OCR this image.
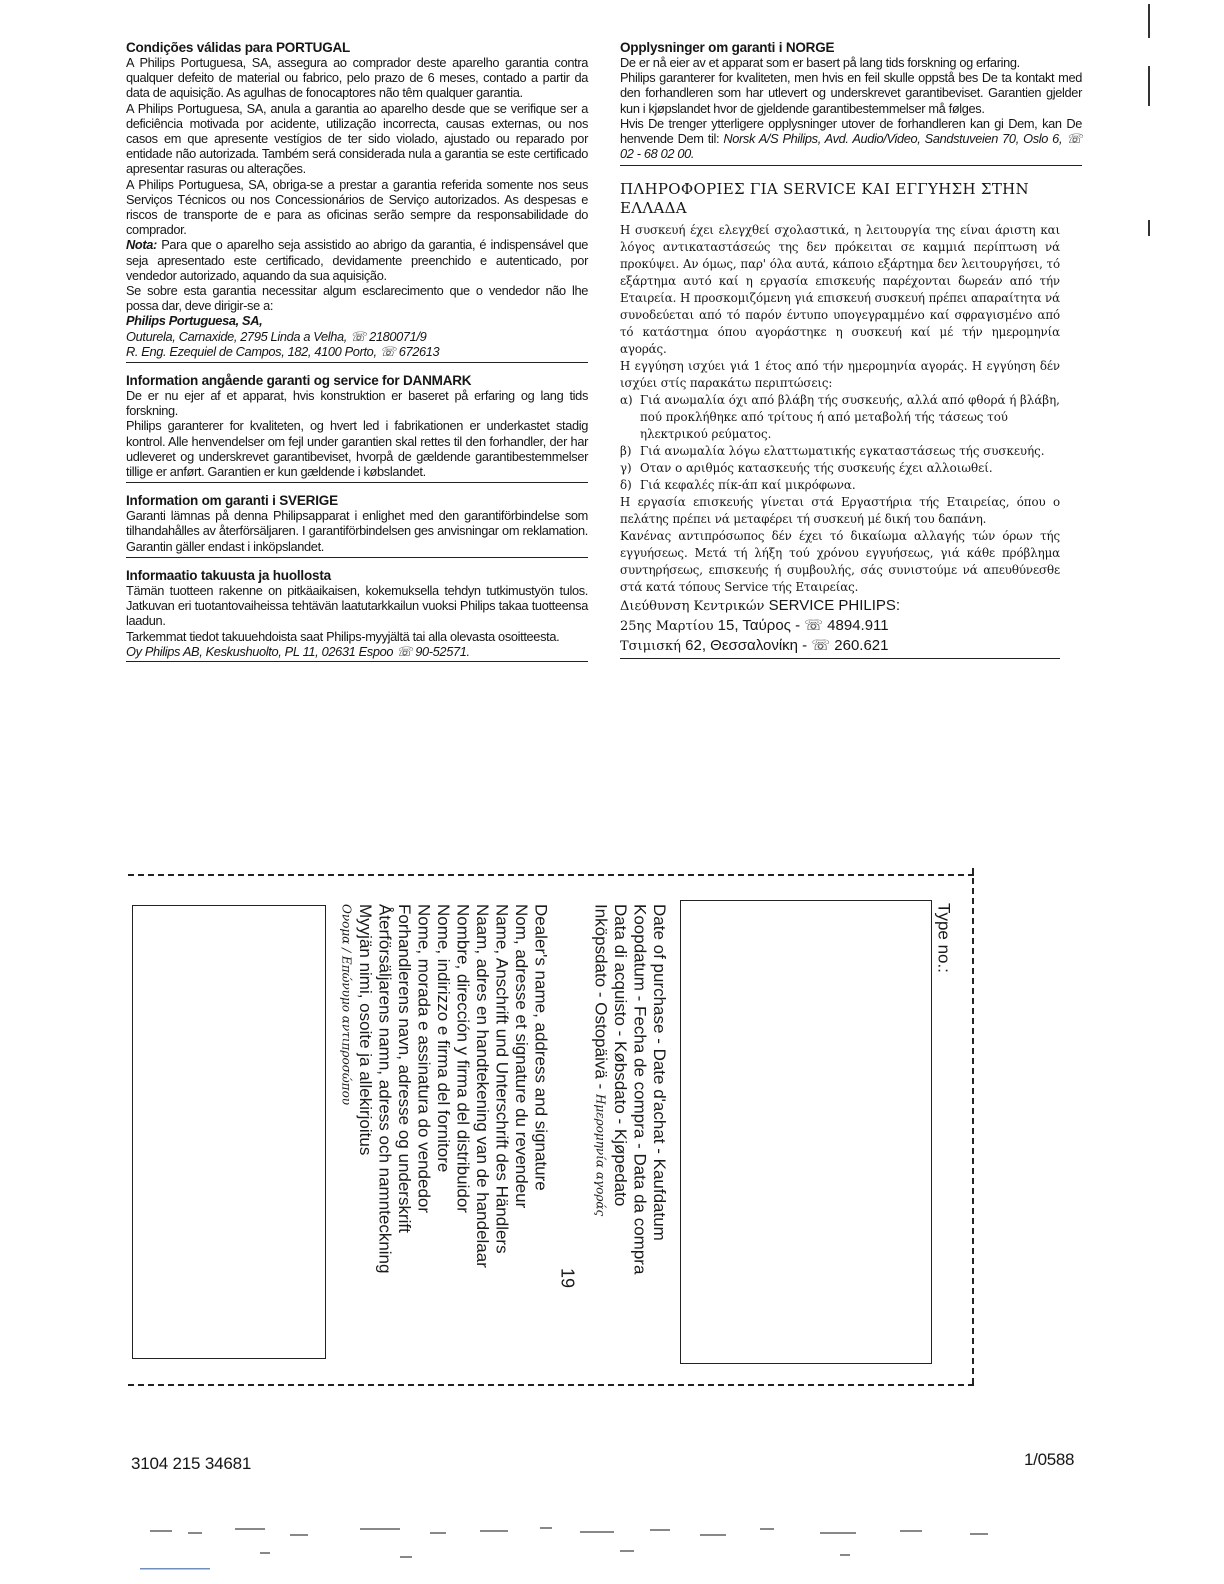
Condições válidas para PORTUGAL

A Philips Portuguesa, SA, assegura ao comprador deste aparelho garantia contra qualquer defeito de material ou fabrico, pelo prazo de 6 meses, contado a partir da data de aquisição. As agulhas de fonocaptores não têm qualquer garantia.

A Philips Portuguesa, SA, anula a garantia ao aparelho desde que se verifique ser a deficiência motivada por acidente, utilização incorrecta, causas externas, ou nos casos em que apresente vestígios de ter sido violado, ajustado ou reparado por entidade não autorizada. Também será considerada nula a garantia se este certificado apresentar rasuras ou alterações.

A Philips Portuguesa, SA, obriga-se a prestar a garantia referida somente nos seus Serviços Técnicos ou nos Concessionários de Serviço autorizados. As despesas e riscos de transporte de e para as oficinas serão sempre da responsabilidade do comprador.

Nota: Para que o aparelho seja assistido ao abrigo da garantia, é indispensável que seja apresentado este certificado, devidamente preenchido e autenticado, por vendedor autorizado, aquando da sua aquisição.

Se sobre esta garantia necessitar algum esclarecimento que o vendedor não lhe possa dar, deve dirigir-se a:

Philips Portuguesa, SA,

Outurela, Carnaxide, 2795 Linda a Velha, ☏ 2180071/9

R. Eng. Ezequiel de Campos, 182, 4100 Porto, ☏ 672613

Information angående garanti og service for DANMARK

De er nu ejer af et apparat, hvis konstruktion er baseret på erfaring og lang tids forskning.

Philips garanterer for kvaliteten, og hvert led i fabrikationen er underkastet stadig kontrol. Alle henvendelser om fejl under garantien skal rettes til den forhandler, der har udleveret og underskrevet garantibeviset, hvorpå de gældende garantibestemmelser tillige er anført. Garantien er kun gældende i købslandet.

Information om garanti i SVERIGE

Garanti lämnas på denna Philipsapparat i enlighet med den garantiförbindelse som tilhandahålles av återförsäljaren. I garantiförbindelsen ges anvisningar om reklamation. Garantin gäller endast i inköpslandet.

Informaatio takuusta ja huollosta

Tämän tuotteen rakenne on pitkäaikaisen, kokemuksella tehdyn tutkimustyön tulos. Jatkuvan eri tuotantovaiheissa tehtävän laatutarkkailun vuoksi Philips takaa tuotteensa laadun.

Tarkemmat tiedot takuuehdoista saat Philips-myyjältä tai alla olevasta osoitteesta.

Oy Philips AB, Keskushuolto, PL 11, 02631 Espoo ☏ 90-52571.

Opplysninger om garanti i NORGE

De er nå eier av et apparat som er basert på lang tids forskning og erfaring.

Philips garanterer for kvaliteten, men hvis en feil skulle oppstå bes De ta kontakt med den forhandleren som har utlevert og underskrevet garantibeviset. Garantien gjelder kun i kjøpslandet hvor de gjeldende garantibestemmelser må følges.

Hvis De trenger ytterligere opplysninger utover de forhandleren kan gi Dem, kan De henvende Dem til: Norsk A/S Philips, Avd. Audio/Video, Sandstuveien 70, Oslo 6, ☏ 02 - 68 02 00.

ΠΛΗΡΟΦΟΡΙΕΣ ΓΙΑ SERVICE ΚΑΙ ΕΓΓΥΗΣΗ ΣΤΗΝ ΕΛΛΑΔΑ

Η συσκευή έχει ελεγχθεί σχολαστικά, η λειτουργία της είναι άριστη και λόγος αντικαταστάσεώς της δεν πρόκειται σε καμμιά περίπτωση νά προκύψει. Αν όμως, παρ' όλα αυτά, κάποιο εξάρτημα δεν λειτουργήσει, τό εξάρτημα αυτό καί η εργασία επισκευής παρέχονται δωρεάν από τήν Εταιρεία. Η προσκομιζόμενη γιά επισκευή συσκευή πρέπει απαραίτητα νά συνοδεύεται από τό παρόν έντυπο υπογεγραμμένο καί σφραγισμένο από τό κατάστημα όπου αγοράστηκε η συσκευή καί μέ τήν ημερομηνία αγοράς.

Η εγγύηση ισχύει γιά 1 έτος από τήν ημερομηνία αγοράς. Η εγγύηση δέν ισχύει στίς παρακάτω περιπτώσεις:

α) Γιά ανωμαλία όχι από βλάβη τής συσκευής, αλλά από φθορά ή βλάβη, πού προκλήθηκε από τρίτους ή από μεταβολή τής τάσεως τού ηλεκτρικού ρεύματος.
β) Γιά ανωμαλία λόγω ελαττωματικής εγκαταστάσεως τής συσκευής.
γ) Οταν ο αριθμός κατασκευής τής συσκευής έχει αλλοιωθεί.
δ) Γιά κεφαλές πίκ-άπ καί μικρόφωνα.

Η εργασία επισκευής γίνεται στά Εργαστήρια τής Εταιρείας, όπου ο πελάτης πρέπει νά μεταφέρει τή συσκευή μέ δική του δαπάνη.

Κανένας αντιπρόσωπος δέν έχει τό δικαίωμα αλλαγής τών όρων τής εγγυήσεως. Μετά τή λήξη τού χρόνου εγγυήσεως, γιά κάθε πρόβλημα συντηρήσεως, επισκευής ή συμβουλής, σάς συνιστούμε νά απευθύνεσθε στά κατά τόπους Service τής Εταιρείας.

Διεύθυνση Κεντρικών SERVICE PHILIPS:
25ης Μαρτίου 15, Ταύρος - ☏ 4894.911
Τσιμισκή 62, Θεσσαλονίκη - ☏ 260.621
Type no.:
Date of purchase - Date d'achat - Kaufdatum
Koopdatum - Fecha de compra - Data da compra
Data di acquisto - Købsdato - Kjøpedato
Inköpsdato - Ostopäivä - Ημερομηνία αγοράς
19
Dealer's name, address and signature
Nom, adresse et signature du revendeur
Name, Anschrift und Unterschrift des Händlers
Naam, adres en handtekening van de handelaar
Nombre, dirección y firma del distribuidor
Nome, indirizzo e firma del fornitore
Nome, morada e assinatura do vendedor
Forhandlerens navn, adresse og underskrift
Återförsäljarens namn, adress och namnteckning
Myyjän nimi, osoite ja allekirjoitus
Ονομα / Επώνυμο αντιπροσώπου
3104 215 34681	1/0588
